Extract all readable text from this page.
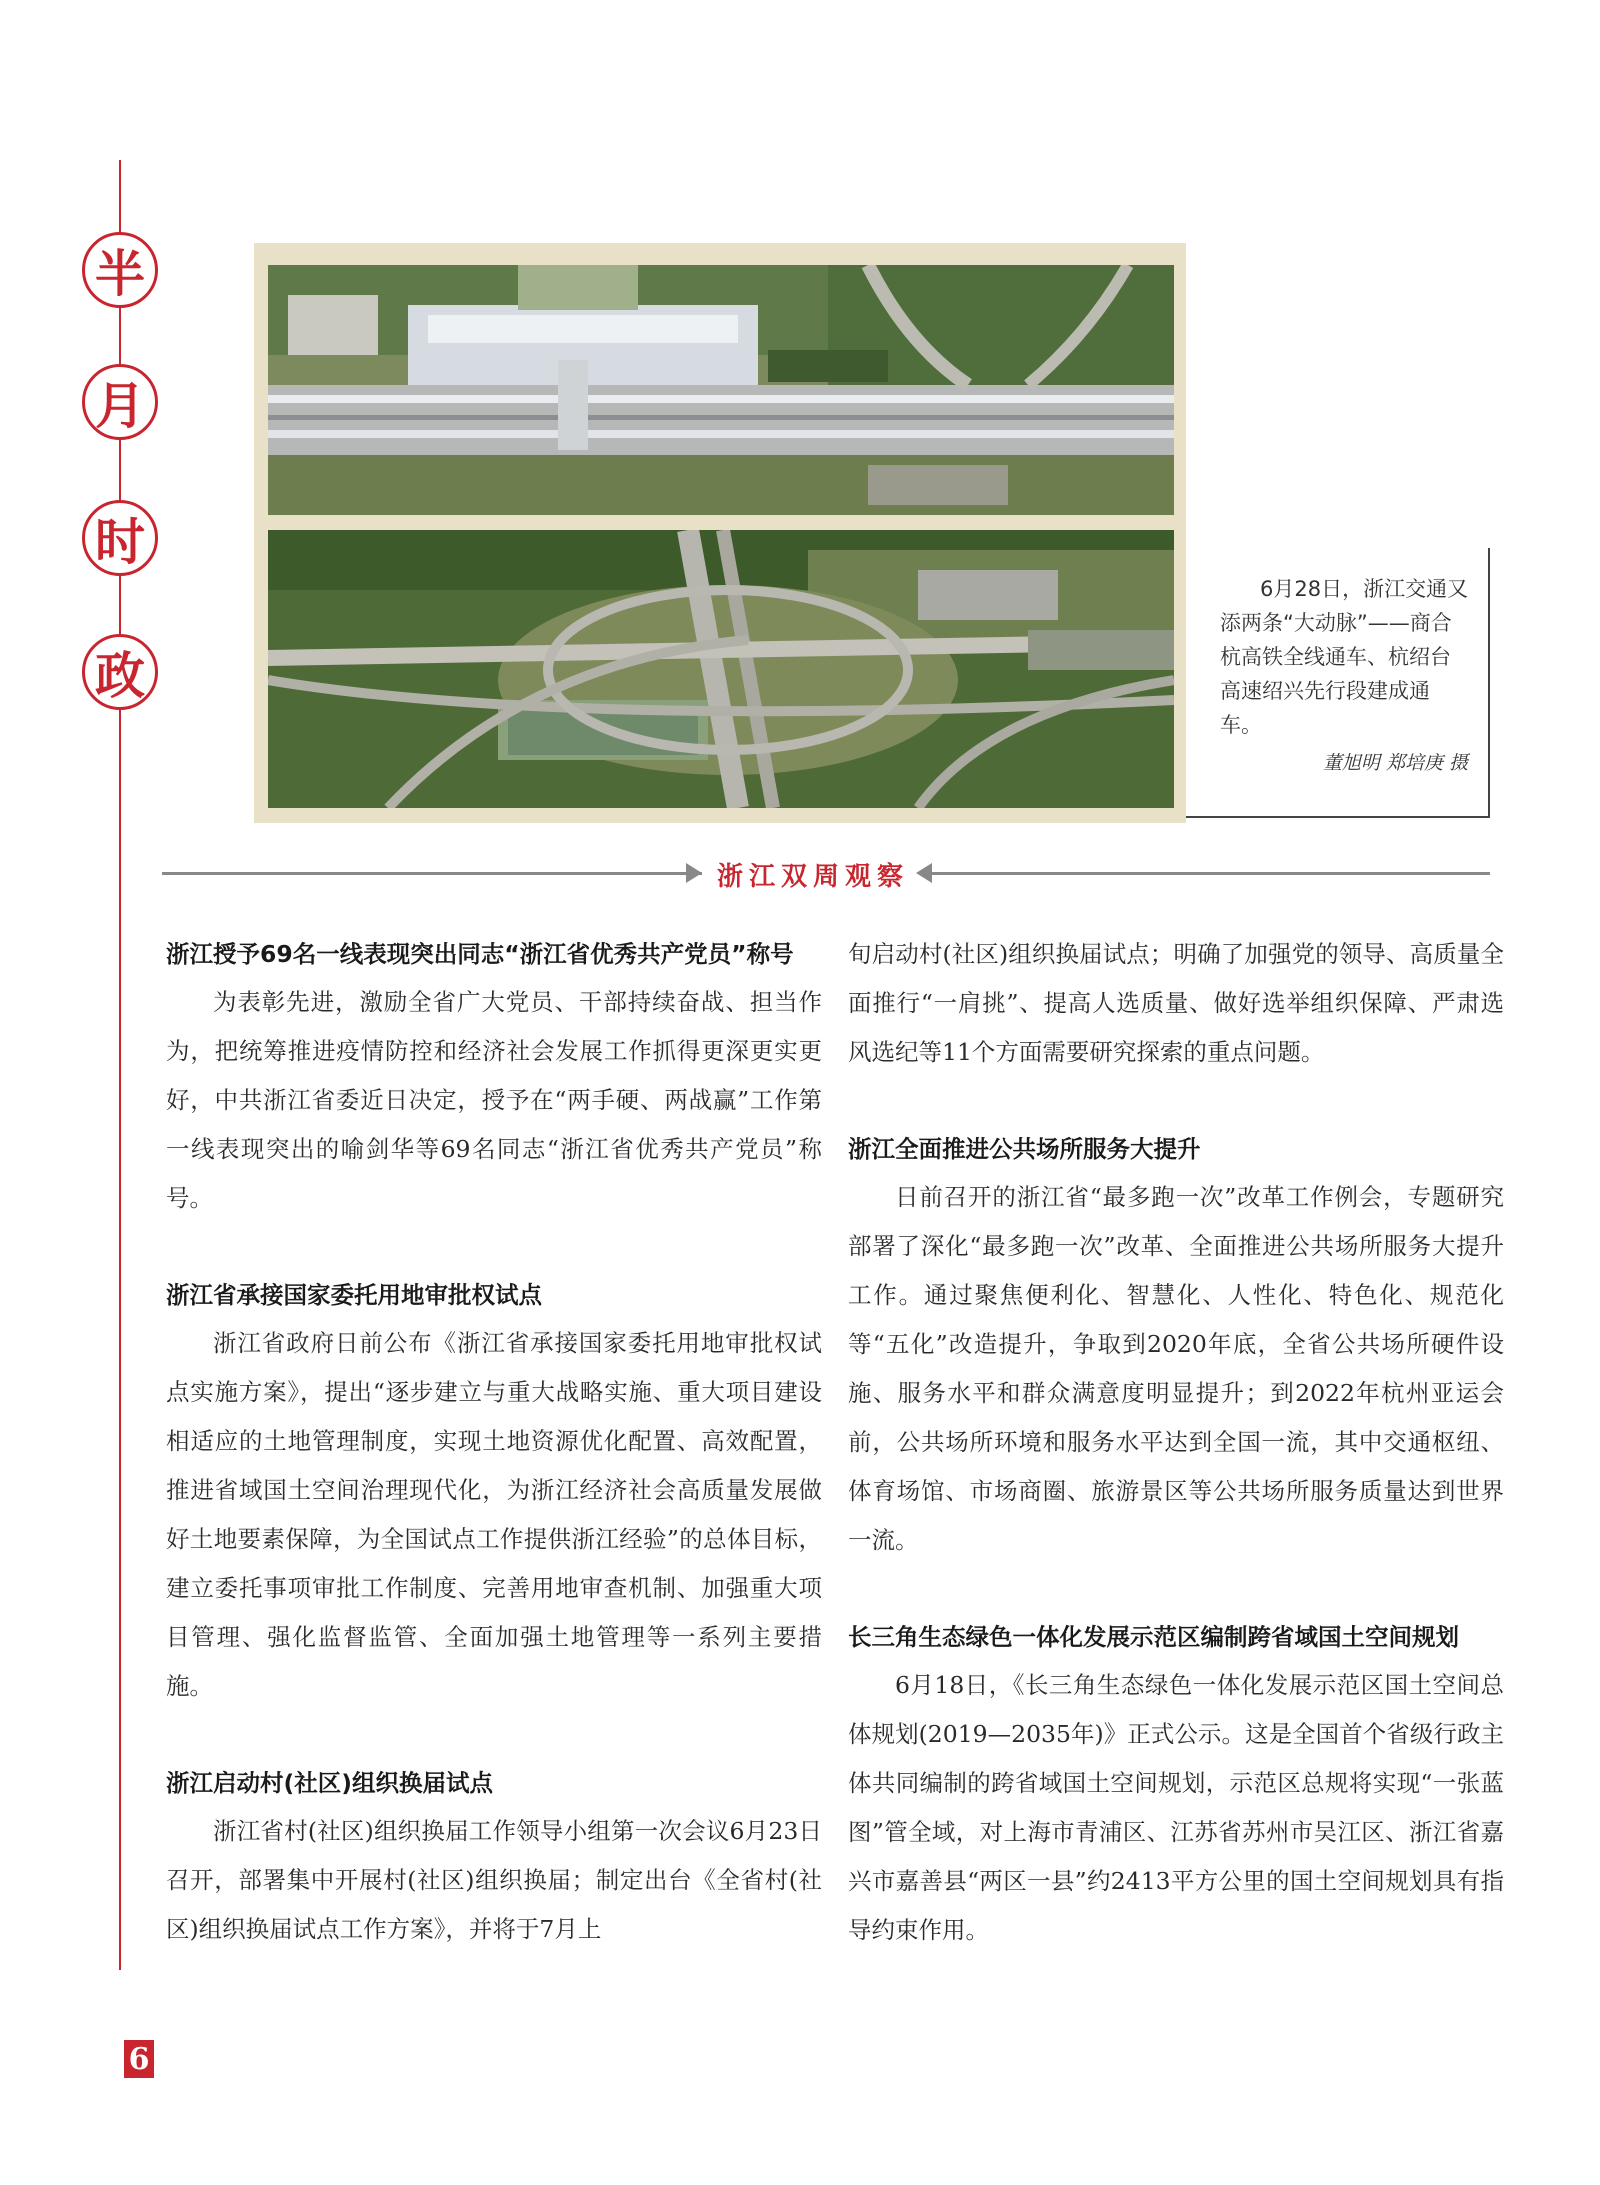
半
月
时
政
6
6月28日，浙江交通又添两条“大动脉”——商合杭高铁全线通车、杭绍台高速绍兴先行段建成通车。
董旭明 郑培庚 摄
浙江双周观察
浙江授予69名一线表现突出同志“浙江省优秀共产党员”称号

为表彰先进，激励全省广大党员、干部持续奋战、担当作为，把统筹推进疫情防控和经济社会发展工作抓得更深更实更好，中共浙江省委近日决定，授予在“两手硬、两战赢”工作第一线表现突出的喻剑华等69名同志“浙江省优秀共产党员”称号。

浙江省承接国家委托用地审批权试点

浙江省政府日前公布《浙江省承接国家委托用地审批权试点实施方案》，提出“逐步建立与重大战略实施、重大项目建设相适应的土地管理制度，实现土地资源优化配置、高效配置，推进省域国土空间治理现代化，为浙江经济社会高质量发展做好土地要素保障，为全国试点工作提供浙江经验”的总体目标，建立委托事项审批工作制度、完善用地审查机制、加强重大项目管理、强化监督监管、全面加强土地管理等一系列主要措施。

浙江启动村(社区)组织换届试点

浙江省村(社区)组织换届工作领导小组第一次会议6月23日召开，部署集中开展村(社区)组织换届；制定出台《全省村(社区)组织换届试点工作方案》，并将于7月上

旬启动村(社区)组织换届试点；明确了加强党的领导、高质量全面推行“一肩挑”、提高人选质量、做好选举组织保障、严肃选风选纪等11个方面需要研究探索的重点问题。

浙江全面推进公共场所服务大提升

日前召开的浙江省“最多跑一次”改革工作例会，专题研究部署了深化“最多跑一次”改革、全面推进公共场所服务大提升工作。通过聚焦便利化、智慧化、人性化、特色化、规范化等“五化”改造提升，争取到2020年底，全省公共场所硬件设施、服务水平和群众满意度明显提升；到2022年杭州亚运会前，公共场所环境和服务水平达到全国一流，其中交通枢纽、体育场馆、市场商圈、旅游景区等公共场所服务质量达到世界一流。

长三角生态绿色一体化发展示范区编制跨省域国土空间规划

6月18日，《长三角生态绿色一体化发展示范区国土空间总体规划(2019—2035年)》正式公示。这是全国首个省级行政主体共同编制的跨省域国土空间规划，示范区总规将实现“一张蓝图”管全域，对上海市青浦区、江苏省苏州市吴江区、浙江省嘉兴市嘉善县“两区一县”约2413平方公里的国土空间规划具有指导约束作用。
